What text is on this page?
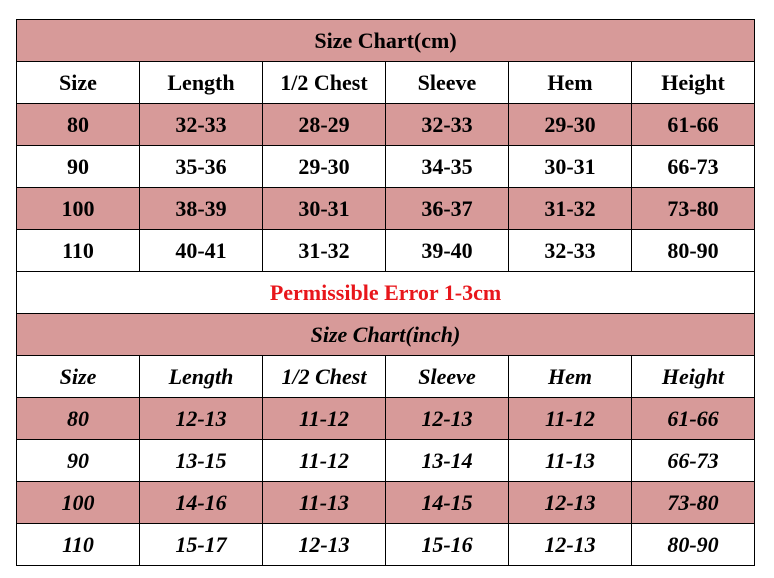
Size Chart(cm)					
Size	Length	1/2 Chest	Sleeve	Hem	Height
80	32-33	28-29	32-33	29-30	61-66
90	35-36	29-30	34-35	30-31	66-73
100	38-39	30-31	36-37	31-32	73-80
110	40-41	31-32	39-40	32-33	80-90
Permissible Error 1-3cm					
Size Chart(inch)					
Size	Length	1/2 Chest	Sleeve	Hem	Height
80	12-13	11-12	12-13	11-12	61-66
90	13-15	11-12	13-14	11-13	66-73
100	14-16	11-13	14-15	12-13	73-80
110	15-17	12-13	15-16	12-13	80-90
